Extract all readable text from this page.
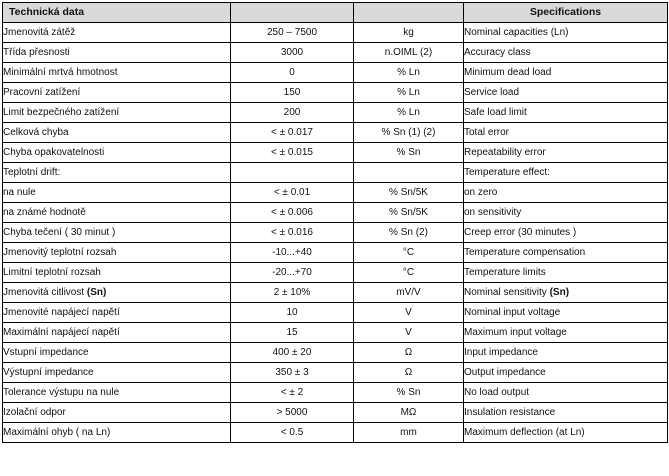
Technická data			Specifications
Jmenovitá zátěž	250 – 7500	kg	Nominal capacities (Ln)
Třída přesnosti	3000	n.OIML (2)	Accuracy class
Minimální mrtvá hmotnost	0	% Ln	Minimum dead load
Pracovní zatížení	150	% Ln	Service load
Limit bezpečného zatížení	200	% Ln	Safe load limit
Celková chyba	< ± 0.017	% Sn (1) (2)	Total error
Chyba opakovatelnosti	< ± 0.015	% Sn	Repeatability error
Teplotní drift:			Temperature effect:
na nule	< ± 0.01	% Sn/5K	on zero
na známé hodnotě	< ± 0.006	% Sn/5K	on sensitivity
Chyba tečení ( 30 minut )	< ± 0.016	% Sn (2)	Creep error (30 minutes )
Jmenovitý teplotní rozsah	-10...+40	°C	Temperature compensation
Limitní teplotní rozsah	-20...+70	°C	Temperature limits
Jmenovitá citlivost (Sn)	2 ± 10%	mV/V	Nominal sensitivity (Sn)
Jmenovité napájecí napětí	10	V	Nominal input voltage
Maximální napájecí napětí	15	V	Maximum input voltage
Vstupní impedance	400 ± 20	Ω	Input impedance
Výstupní impedance	350 ± 3	Ω	Output impedance
Tolerance výstupu na nule	< ± 2	% Sn	No load output
Izolační odpor	> 5000	MΩ	Insulation resistance
Maximální ohyb ( na Ln)	< 0.5	mm	Maximum deflection (at Ln)
